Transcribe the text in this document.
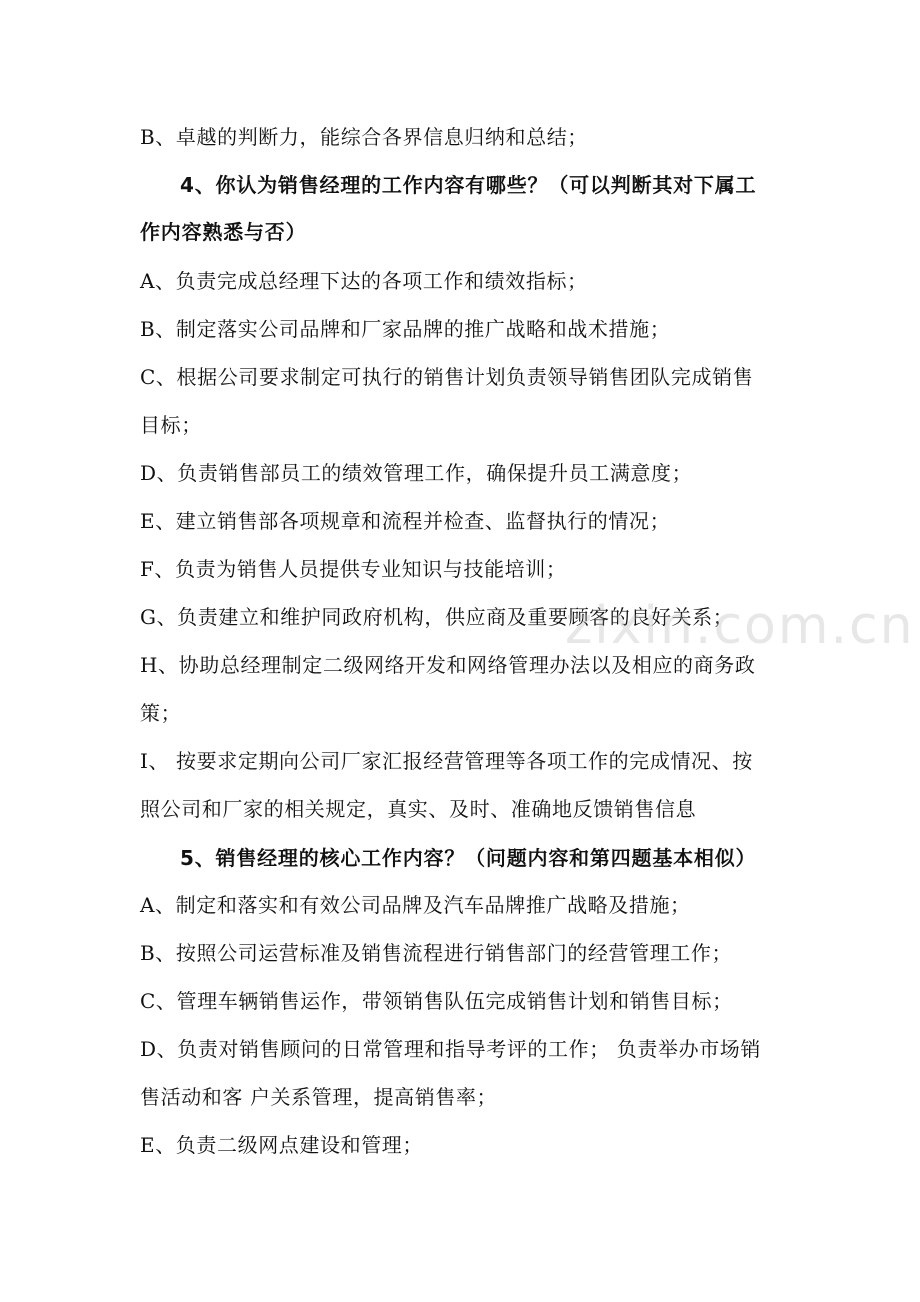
B、卓越的判断力，能综合各界信息归纳和总结；
4、你认为销售经理的工作内容有哪些？（可以判断其对下属工
作内容熟悉与否）
A、负责完成总经理下达的各项工作和绩效指标；
B、制定落实公司品牌和厂家品牌的推广战略和战术措施；
C、根据公司要求制定可执行的销售计划负责领导销售团队完成销售
目标；
D、负责销售部员工的绩效管理工作，确保提升员工满意度；
E、建立销售部各项规章和流程并检查、监督执行的情况；
F、负责为销售人员提供专业知识与技能培训；
G、负责建立和维护同政府机构，供应商及重要顾客的良好关系；
H、协助总经理制定二级网络开发和网络管理办法以及相应的商务政
策；
I、 按要求定期向公司厂家汇报经营管理等各项工作的完成情况、按
照公司和厂家的相关规定，真实、及时、准确地反馈销售信息
5、销售经理的核心工作内容？（问题内容和第四题基本相似）
A、制定和落实和有效公司品牌及汽车品牌推广战略及措施；
B、按照公司运营标准及销售流程进行销售部门的经营管理工作；
C、管理车辆销售运作，带领销售队伍完成销售计划和销售目标；
D、负责对销售顾问的日常管理和指导考评的工作； 负责举办市场销
售活动和客 户关系管理，提高销售率；
E、负责二级网点建设和管理；
zixin.com.cn
